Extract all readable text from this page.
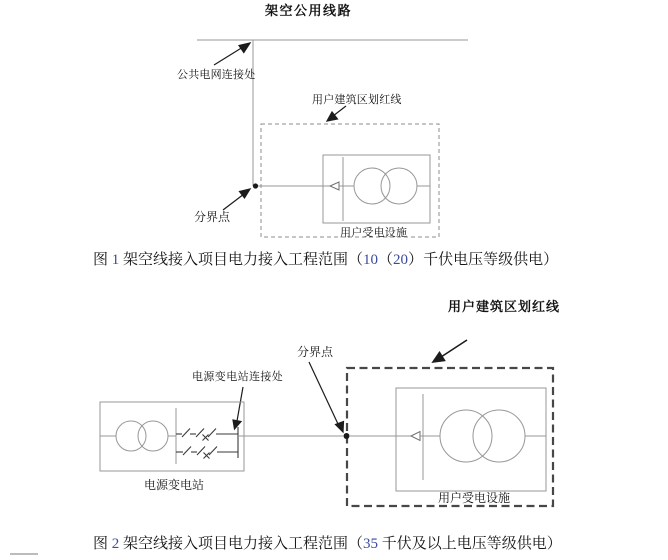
架空公用线路
公共电网连接处
用户建筑区划红线
分界点
用户受电设施
图 1 架空线接入项目电力接入工程范围（10（20）千伏电压等级供电）
用户建筑区划红线
分界点
电源变电站连接处
电源变电站
用户受电设施
图 2 架空线接入项目电力接入工程范围（35 千伏及以上电压等级供电）
